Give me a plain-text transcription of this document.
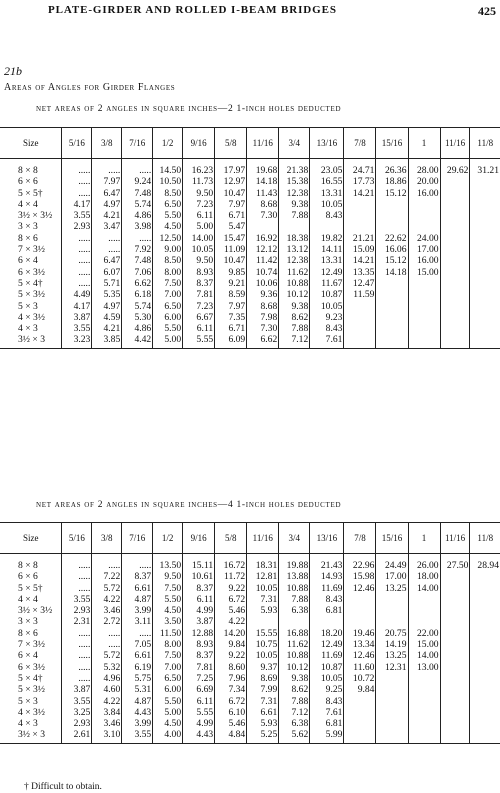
PLATE-GIRDER AND ROLLED I-BEAM BRIDGES	425
21b
Areas of Angles for Girder Flanges
net areas of 2 angles in square inches—2 1-inch holes deducted
Size	5/16	3/8	7/16	1/2	9/16	5/8	11/16	3/4	13/16	7/8	15/16	1	11/16	11/8
8 × 8	.....	.....	.....	14.50	16.23	17.97	19.68	21.38	23.05	24.71	26.36	28.00	29.62	31.21
6 × 6	.....	7.97	9.24	10.50	11.73	12.97	14.18	15.38	16.55	17.73	18.86	20.00		
5 × 5†	.....	6.47	7.48	8.50	9.50	10.47	11.43	12.38	13.31	14.21	15.12	16.00		
4 × 4	4.17	4.97	5.74	6.50	7.23	7.97	8.68	9.38	10.05					
3½ × 3½	3.55	4.21	4.86	5.50	6.11	6.71	7.30	7.88	8.43					
3 × 3	2.93	3.47	3.98	4.50	5.00	5.47								
8 × 6	.....	.....	.....	12.50	14.00	15.47	16.92	18.38	19.82	21.21	22.62	24.00		
7 × 3½	.....	.....	7.92	9.00	10.05	11.09	12.12	13.12	14.11	15.09	16.06	17.00		
6 × 4	.....	6.47	7.48	8.50	9.50	10.47	11.42	12.38	13.31	14.21	15.12	16.00		
6 × 3½	.....	6.07	7.06	8.00	8.93	9.85	10.74	11.62	12.49	13.35	14.18	15.00		
5 × 4†	.....	5.71	6.62	7.50	8.37	9.21	10.06	10.88	11.67	12.47				
5 × 3½	4.49	5.35	6.18	7.00	7.81	8.59	9.36	10.12	10.87	11.59				
5 × 3	4.17	4.97	5.74	6.50	7.23	7.97	8.68	9.38	10.05					
4 × 3½	3.87	4.59	5.30	6.00	6.67	7.35	7.98	8.62	9.23					
4 × 3	3.55	4.21	4.86	5.50	6.11	6.71	7.30	7.88	8.43					
3½ × 3	3.23	3.85	4.42	5.00	5.55	6.09	6.62	7.12	7.61					
net areas of 2 angles in square inches—4 1-inch holes deducted
Size	5/16	3/8	7/16	1/2	9/16	5/8	11/16	3/4	13/16	7/8	15/16	1	11/16	11/8
8 × 8	.....	.....	.....	13.50	15.11	16.72	18.31	19.88	21.43	22.96	24.49	26.00	27.50	28.94
6 × 6	.....	7.22	8.37	9.50	10.61	11.72	12.81	13.88	14.93	15.98	17.00	18.00		
5 × 5†	.....	5.72	6.61	7.50	8.37	9.22	10.05	10.88	11.69	12.46	13.25	14.00		
4 × 4	3.55	4.22	4.87	5.50	6.11	6.72	7.31	7.88	8.43					
3½ × 3½	2.93	3.46	3.99	4.50	4.99	5.46	5.93	6.38	6.81					
3 × 3	2.31	2.72	3.11	3.50	3.87	4.22								
8 × 6	.....	.....	.....	11.50	12.88	14.20	15.55	16.88	18.20	19.46	20.75	22.00		
7 × 3½	.....	.....	7.05	8.00	8.93	9.84	10.75	11.62	12.49	13.34	14.19	15.00		
6 × 4	.....	5.72	6.61	7.50	8.37	9.22	10.05	10.88	11.69	12.46	13.25	14.00		
6 × 3½	.....	5.32	6.19	7.00	7.81	8.60	9.37	10.12	10.87	11.60	12.31	13.00		
5 × 4†	.....	4.96	5.75	6.50	7.25	7.96	8.69	9.38	10.05	10.72				
5 × 3½	3.87	4.60	5.31	6.00	6.69	7.34	7.99	8.62	9.25	9.84				
5 × 3	3.55	4.22	4.87	5.50	6.11	6.72	7.31	7.88	8.43					
4 × 3½	3.25	3.84	4.43	5.00	5.55	6.10	6.61	7.12	7.61					
4 × 3	2.93	3.46	3.99	4.50	4.99	5.46	5.93	6.38	6.81					
3½ × 3	2.61	3.10	3.55	4.00	4.43	4.84	5.25	5.62	5.99					
† Difficult to obtain.
